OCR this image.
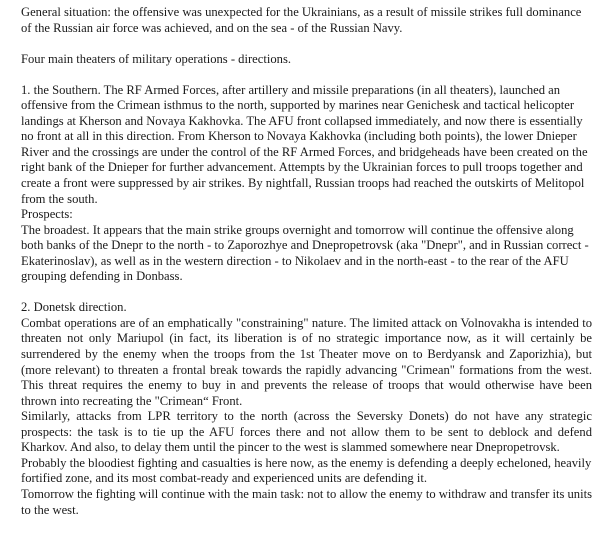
General situation: the offensive was unexpected for the Ukrainians, as a result of missile strikes full dominance of the Russian air force was achieved, and on the sea - of the Russian Navy.

Four main theaters of military operations - directions.

1. the Southern. The RF Armed Forces, after artillery and missile preparations (in all theaters), launched an offensive from the Crimean isthmus to the north, supported by marines near Genichesk and tactical helicopter landings at Kherson and Novaya Kakhovka. The AFU front collapsed immediately, and now there is essentially no front at all in this direction. From Kherson to Novaya Kakhovka (including both points), the lower Dnieper River and the crossings are under the control of the RF Armed Forces, and bridgeheads have been created on the right bank of the Dnieper for further advancement. Attempts by the Ukrainian forces to pull troops together and create a front were suppressed by air strikes. By nightfall, Russian troops had reached the outskirts of Melitopol from the south.

Prospects:

The broadest. It appears that the main strike groups overnight and tomorrow will continue the offensive along both banks of the Dnepr to the north - to Zaporozhye and Dnepropetrovsk (aka "Dnepr", and in Russian correct - Ekaterinoslav), as well as in the western direction - to Nikolaev and in the north-east - to the rear of the AFU grouping defending in Donbass.

2. Donetsk direction.

Combat operations are of an emphatically "constraining" nature. The limited attack on Volnovakha is intended to threaten not only Mariupol (in fact, its liberation is of no strategic importance now, as it will certainly be surrendered by the enemy when the troops from the 1st Theater move on to Berdyansk and Zaporizhia), but (more relevant) to threaten a frontal break towards the rapidly advancing "Crimean" formations from the west. This threat requires the enemy to buy in and prevents the release of troops that would otherwise have been thrown into recreating the "Crimean“ Front.

Similarly, attacks from LPR territory to the north (across the Seversky Donets) do not have any strategic prospects: the task is to tie up the AFU forces there and not allow them to be sent to deblock and defend Kharkov. And also, to delay them until the pincer to the west is slammed somewhere near Dnepropetrovsk.

Probably the bloodiest fighting and casualties is here now, as the enemy is defending a deeply echeloned, heavily fortified zone, and its most combat-ready and experienced units are defending it.

Tomorrow the fighting will continue with the main task: not to allow the enemy to withdraw and transfer its units to the west.
